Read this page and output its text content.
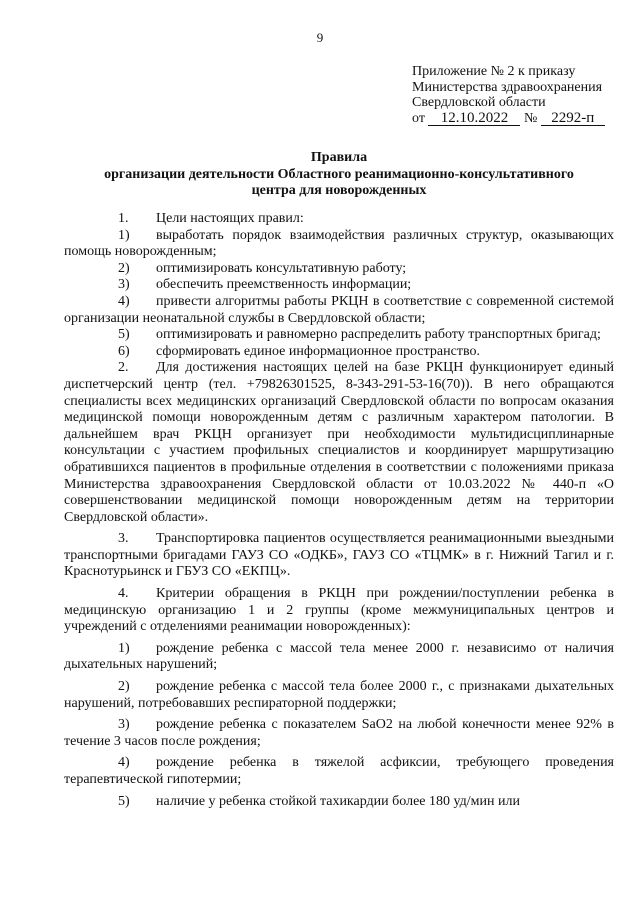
9
Приложение № 2 к приказу
Министерства здравоохранения
Свердловской области
от 12.10.2022 № 2292-п
Правила
организации деятельности Областного реанимационно-консультативного
центра для новорожденных

1. Цели настоящих правил:

1) выработать порядок взаимодействия различных структур, оказывающих помощь новорожденным;

2) оптимизировать консультативную работу;

3) обеспечить преемственность информации;

4) привести алгоритмы работы РКЦН в соответствие с современной системой организации неонатальной службы в Свердловской области;

5) оптимизировать и равномерно распределить работу транспортных бригад;

6) сформировать единое информационное пространство.

2. Для достижения настоящих целей на базе РКЦН функционирует единый диспетчерский центр (тел. +79826301525, 8-343-291-53-16(70)). В него обращаются специалисты всех медицинских организаций Свердловской области по вопросам оказания медицинской помощи новорожденным детям с различным характером патологии. В дальнейшем врач РКЦН организует при необходимости мультидисциплинарные консультации с участием профильных специалистов и координирует маршрутизацию обратившихся пациентов в профильные отделения в соответствии с положениями приказа Министерства здравоохранения Свердловской области от 10.03.2022 № 440-п «О совершенствовании медицинской помощи новорожденным детям на территории Свердловской области».

3. Транспортировка пациентов осуществляется реанимационными выездными транспортными бригадами ГАУЗ СО «ОДКБ», ГАУЗ СО «ТЦМК» в г. Нижний Тагил и г. Краснотурьинск и ГБУЗ СО «ЕКПЦ».

4. Критерии обращения в РКЦН при рождении/поступлении ребенка в медицинскую организацию 1 и 2 группы (кроме межмуниципальных центров и учреждений с отделениями реанимации новорожденных):

1) рождение ребенка с массой тела менее 2000 г. независимо от наличия дыхательных нарушений;

2) рождение ребенка с массой тела более 2000 г., с признаками дыхательных нарушений, потребовавших респираторной поддержки;

3) рождение ребенка с показателем SaO2 на любой конечности менее 92% в течение 3 часов после рождения;

4) рождение ребенка в тяжелой асфиксии, требующего проведения терапевтической гипотермии;

5) наличие у ребенка стойкой тахикардии более 180 уд/мин или
